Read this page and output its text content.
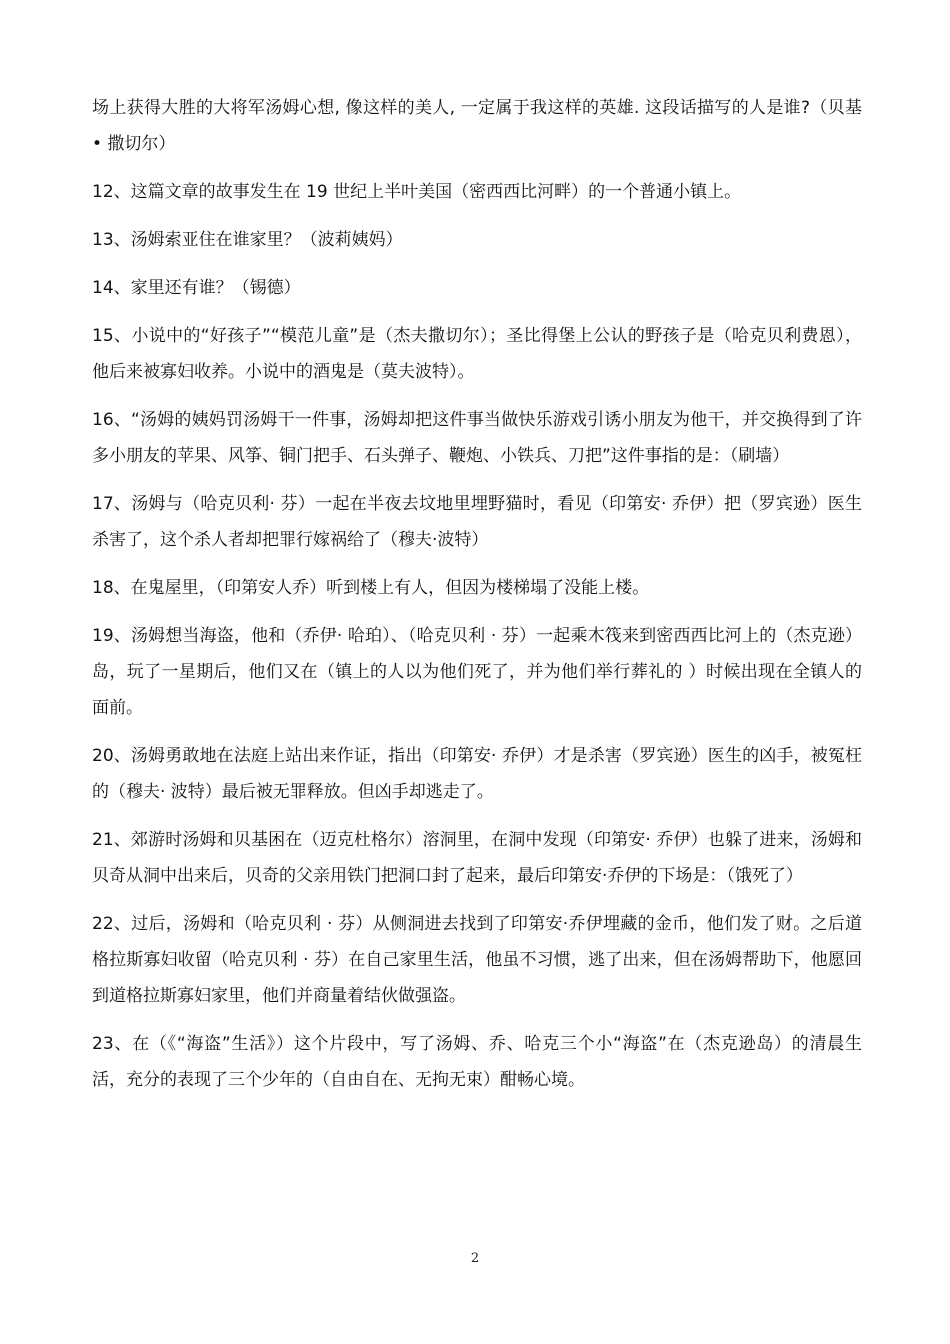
场上获得大胜的大将军汤姆心想, 像这样的美人, 一定属于我这样的英雄. 这段话描写的人是谁?（贝基 • 撒切尔）

12、这篇文章的故事发生在 19 世纪上半叶美国（密西西比河畔）的一个普通小镇上。

13、汤姆索亚住在谁家里？（波莉姨妈）

14、家里还有谁？（锡德）

15、小说中的“好孩子”“模范儿童”是（杰夫撒切尔）；圣比得堡上公认的野孩子是（哈克贝利费恩），他后来被寡妇收养。小说中的酒鬼是（莫夫波特）。

16、“汤姆的姨妈罚汤姆干一件事，汤姆却把这件事当做快乐游戏引诱小朋友为他干，并交换得到了许多小朋友的苹果、风筝、铜门把手、石头弹子、鞭炮、小铁兵、刀把”这件事指的是：（刷墙）

17、汤姆与（哈克贝利· 芬）一起在半夜去坟地里埋野猫时，看见（印第安· 乔伊）把（罗宾逊）医生杀害了，这个杀人者却把罪行嫁祸给了（穆夫·波特）

18、在鬼屋里，（印第安人乔）听到楼上有人，但因为楼梯塌了没能上楼。

19、汤姆想当海盗，他和（乔伊· 哈珀）、（哈克贝利 · 芬）一起乘木筏来到密西西比河上的（杰克逊）岛，玩了一星期后，他们又在（镇上的人以为他们死了，并为他们举行葬礼的 ）时候出现在全镇人的面前。

20、汤姆勇敢地在法庭上站出来作证，指出（印第安· 乔伊）才是杀害（罗宾逊）医生的凶手，被冤枉的（穆夫· 波特）最后被无罪释放。但凶手却逃走了。

21、郊游时汤姆和贝基困在（迈克杜格尔）溶洞里，在洞中发现（印第安· 乔伊）也躲了进来，汤姆和贝奇从洞中出来后，贝奇的父亲用铁门把洞口封了起来，最后印第安·乔伊的下场是：（饿死了）

22、过后，汤姆和（哈克贝利 · 芬）从侧洞进去找到了印第安·乔伊埋藏的金币，他们发了财。之后道格拉斯寡妇收留（哈克贝利 · 芬）在自己家里生活，他虽不习惯，逃了出来，但在汤姆帮助下，他愿回到道格拉斯寡妇家里，他们并商量着结伙做强盗。

23、在（《“海盗”生活》）这个片段中，写了汤姆、乔、哈克三个小“海盗”在（杰克逊岛）的清晨生活，充分的表现了三个少年的（自由自在、无拘无束）酣畅心境。

2
